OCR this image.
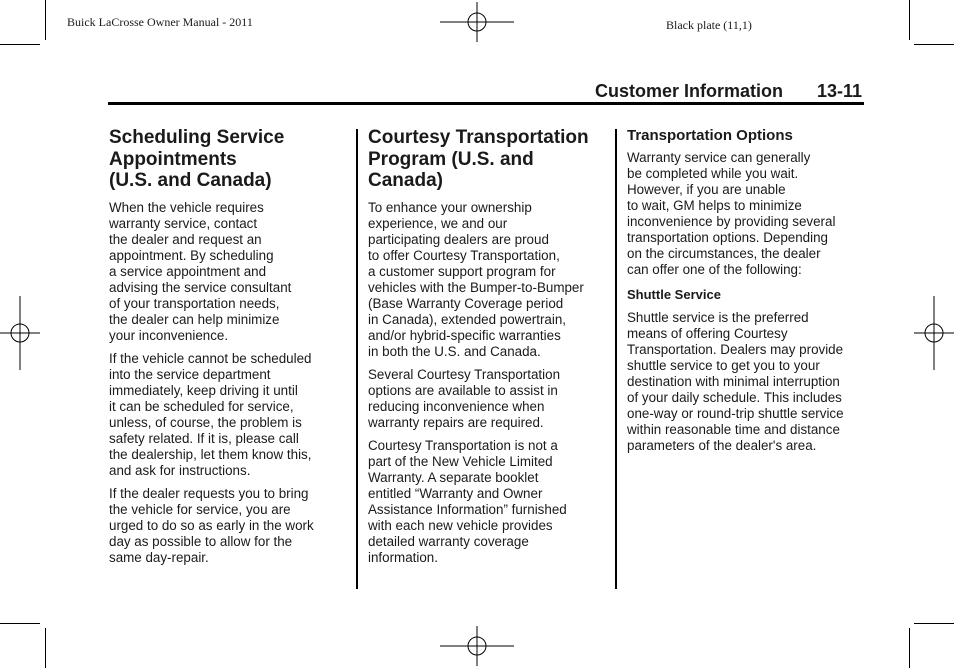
Buick LaCrosse Owner Manual - 2011	Black plate (11,1)
Customer Information 13-11
Scheduling Service
Appointments
(U.S. and Canada)

When the vehicle requires
warranty service, contact
the dealer and request an
appointment. By scheduling
a service appointment and
advising the service consultant
of your transportation needs,
the dealer can help minimize
your inconvenience.

If the vehicle cannot be scheduled
into the service department
immediately, keep driving it until
it can be scheduled for service,
unless, of course, the problem is
safety related. If it is, please call
the dealership, let them know this,
and ask for instructions.

If the dealer requests you to bring
the vehicle for service, you are
urged to do so as early in the work
day as possible to allow for the
same day-repair.

Courtesy Transportation
Program (U.S. and
Canada)

To enhance your ownership
experience, we and our
participating dealers are proud
to offer Courtesy Transportation,
a customer support program for
vehicles with the Bumper-to-Bumper
(Base Warranty Coverage period
in Canada), extended powertrain,
and/or hybrid-specific warranties
in both the U.S. and Canada.

Several Courtesy Transportation
options are available to assist in
reducing inconvenience when
warranty repairs are required.

Courtesy Transportation is not a
part of the New Vehicle Limited
Warranty. A separate booklet
entitled “Warranty and Owner
Assistance Information” furnished
with each new vehicle provides
detailed warranty coverage
information.

Transportation Options

Warranty service can generally
be completed while you wait.
However, if you are unable
to wait, GM helps to minimize
inconvenience by providing several
transportation options. Depending
on the circumstances, the dealer
can offer one of the following:

Shuttle Service

Shuttle service is the preferred
means of offering Courtesy
Transportation. Dealers may provide
shuttle service to get you to your
destination with minimal interruption
of your daily schedule. This includes
one-way or round-trip shuttle service
within reasonable time and distance
parameters of the dealer's area.
